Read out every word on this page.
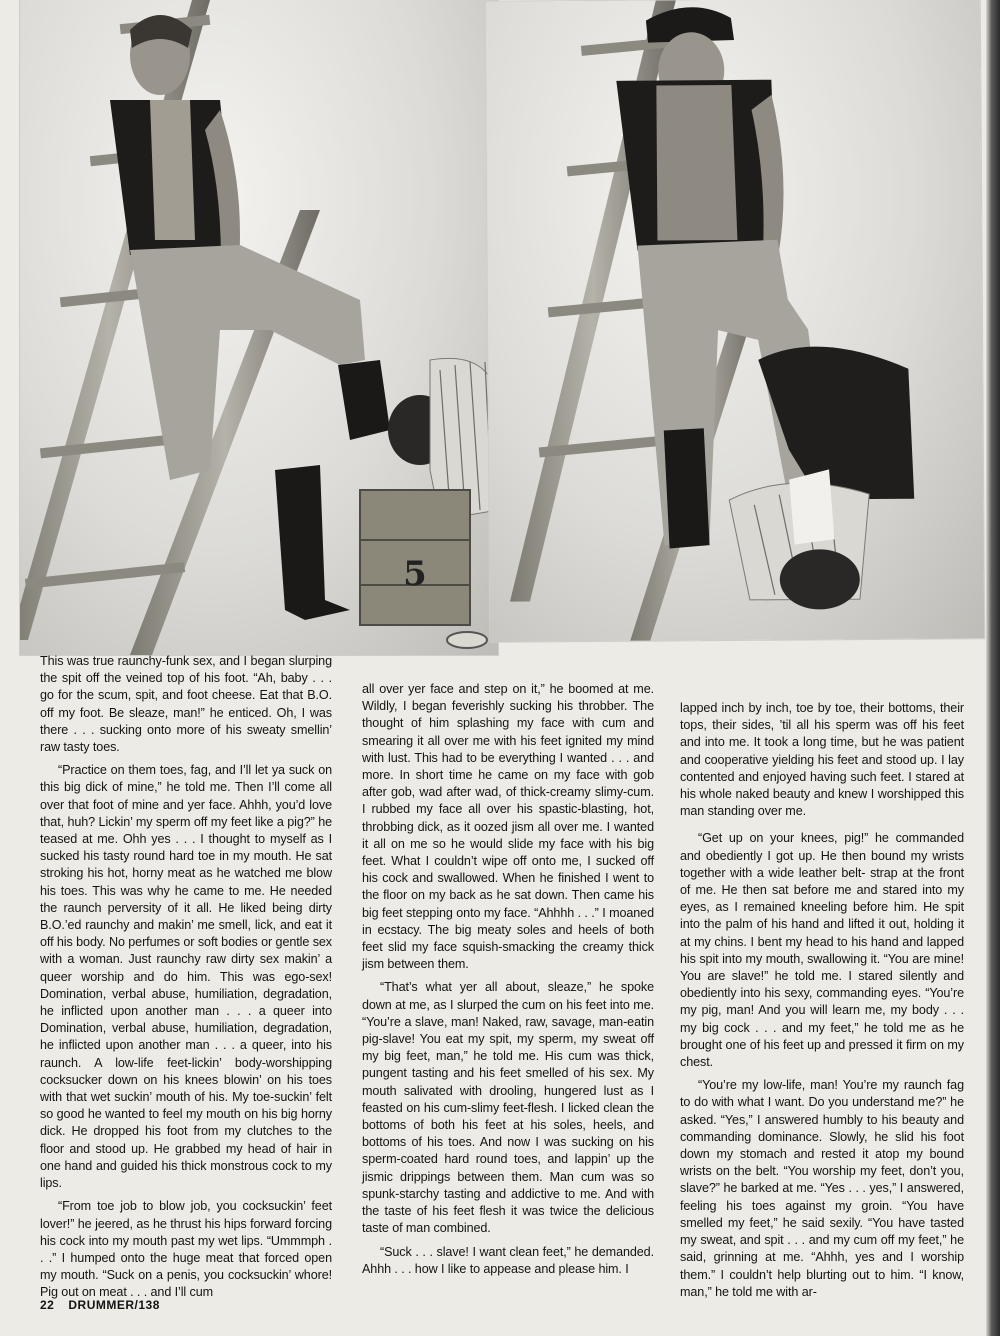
5

This was true raunchy-funk sex, and I began slurping the spit off the veined top of his foot. “Ah, baby . . . go for the scum, spit, and foot cheese. Eat that B.O. off my foot. Be sleaze, man!” he enticed. Oh, I was there . . . sucking onto more of his sweaty smellin’ raw tasty toes.

“Practice on them toes, fag, and I’ll let ya suck on this big dick of mine,” he told me. Then I’ll come all over that foot of mine and yer face. Ahhh, you’d love that, huh? Lickin’ my sperm off my feet like a pig?” he teased at me. Ohh yes . . . I thought to myself as I sucked his tasty round hard toe in my mouth. He sat stroking his hot, horny meat as he watched me blow his toes. This was why he came to me. He needed the raunch perversity of it all. He liked being dirty B.O.’ed raunchy and makin’ me smell, lick, and eat it off his body. No perfumes or soft bodies or gentle sex with a woman. Just raunchy raw dirty sex makin’ a queer worship and do him. This was ego-sex! Domination, verbal abuse, humiliation, degradation, he inflicted upon another man . . . a queer into Domination, verbal abuse, humiliation, degradation, he inflicted upon another man . . . a queer, into his raunch. A low-life feet-lickin’ body-worshipping cocksucker down on his knees blowin’ on his toes with that wet suckin’ mouth of his. My toe-suckin’ felt so good he wanted to feel my mouth on his big horny dick. He dropped his foot from my clutches to the floor and stood up. He grabbed my head of hair in one hand and guided his thick monstrous cock to my lips.

“From toe job to blow job, you cocksuckin’ feet lover!” he jeered, as he thrust his hips forward forcing his cock into my mouth past my wet lips. “Ummmph . . .” I humped onto the huge meat that forced open my mouth. “Suck on a penis, you cocksuckin’ whore! Pig out on meat . . . and I’ll cum

all over yer face and step on it,” he boomed at me. Wildly, I began feverishly sucking his throbber. The thought of him splashing my face with cum and smearing it all over me with his feet ignited my mind with lust. This had to be everything I wanted . . . and more. In short time he came on my face with gob after gob, wad after wad, of thick-creamy slimy-cum. I rubbed my face all over his spastic-blasting, hot, throbbing dick, as it oozed jism all over me. I wanted it all on me so he would slide my face with his big feet. What I couldn’t wipe off onto me, I sucked off his cock and swallowed. When he finished I went to the floor on my back as he sat down. Then came his big feet stepping onto my face. “Ahhhh . . .” I moaned in ecstacy. The big meaty soles and heels of both feet slid my face squish-smacking the creamy thick jism between them.

“That’s what yer all about, sleaze,” he spoke down at me, as I slurped the cum on his feet into me. “You’re a slave, man! Naked, raw, savage, man-eatin pig-slave! You eat my spit, my sperm, my sweat off my big feet, man,” he told me. His cum was thick, pungent tasting and his feet smelled of his sex. My mouth salivated with drooling, hungered lust as I feasted on his cum-slimy feet-flesh. I licked clean the bottoms of both his feet at his soles, heels, and bottoms of his toes. And now I was sucking on his sperm-coated hard round toes, and lappin’ up the jismic drippings between them. Man cum was so spunk-starchy tasting and addictive to me. And with the taste of his feet flesh it was twice the delicious taste of man combined.

“Suck . . . slave! I want clean feet,” he demanded. Ahhh . . . how I like to appease and please him. I

lapped inch by inch, toe by toe, their bottoms, their tops, their sides, ’til all his sperm was off his feet and into me. It took a long time, but he was patient and cooperative yielding his feet and stood up. I lay contented and enjoyed having such feet. I stared at his whole naked beauty and knew I worshipped this man standing over me.

“Get up on your knees, pig!” he commanded and obediently I got up. He then bound my wrists together with a wide leather belt- strap at the front of me. He then sat before me and stared into my eyes, as I remained kneeling before him. He spit into the palm of his hand and lifted it out, holding it at my chins. I bent my head to his hand and lapped his spit into my mouth, swallowing it. “You are mine! You are slave!” he told me. I stared silently and obediently into his sexy, commanding eyes. “You’re my pig, man! And you will learn me, my body . . . my big cock . . . and my feet,” he told me as he brought one of his feet up and pressed it firm on my chest.

“You’re my low-life, man! You’re my raunch fag to do with what I want. Do you understand me?” he asked. “Yes,” I answered humbly to his beauty and commanding dominance. Slowly, he slid his foot down my stomach and rested it atop my bound wrists on the belt. “You worship my feet, don’t you, slave?” he barked at me. “Yes . . . yes,” I answered, feeling his toes against my groin. “You have smelled my feet,” he said sexily. “You have tasted my sweat, and spit . . . and my cum off my feet,” he said, grinning at me. “Ahhh, yes and I worship them.” I couldn’t help blurting out to him. “I know, man,” he told me with ar-

22 DRUMMER/138
